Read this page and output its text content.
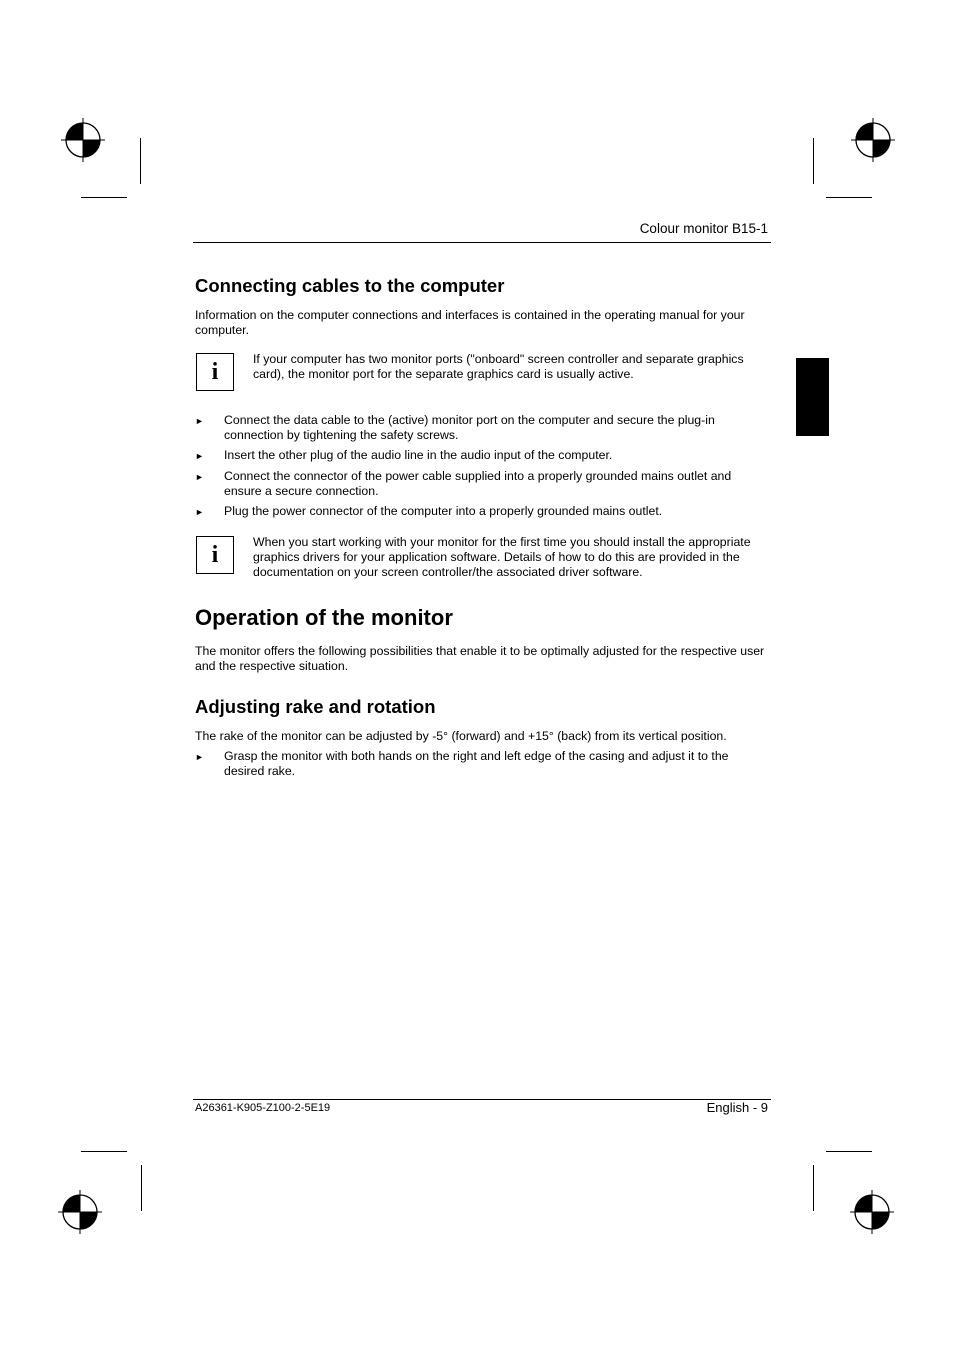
Colour monitor B15-1
Connecting cables to the computer

Information on the computer connections and interfaces is contained in the operating manual for your computer.

i	If your computer has two monitor ports ("onboard" screen controller and separate graphics card), the monitor port for the separate graphics card is usually active.
► Connect the data cable to the (active) monitor port on the computer and secure the plug-in connection by tightening the safety screws.
► Insert the other plug of the audio line in the audio input of the computer.
► Connect the connector of the power cable supplied into a properly grounded mains outlet and ensure a secure connection.
► Plug the power connector of the computer into a properly grounded mains outlet.
i	When you start working with your monitor for the first time you should install the appropriate graphics drivers for your application software. Details of how to do this are provided in the documentation on your screen controller/the associated driver software.
Operation of the monitor

The monitor offers the following possibilities that enable it to be optimally adjusted for the respective user and the respective situation.

Adjusting rake and rotation

The rake of the monitor can be adjusted by -5° (forward) and +15° (back) from its vertical position.

► Grasp the monitor with both hands on the right and left edge of the casing and adjust it to the desired rake.
A26361-K905-Z100-2-5E19	English - 9
